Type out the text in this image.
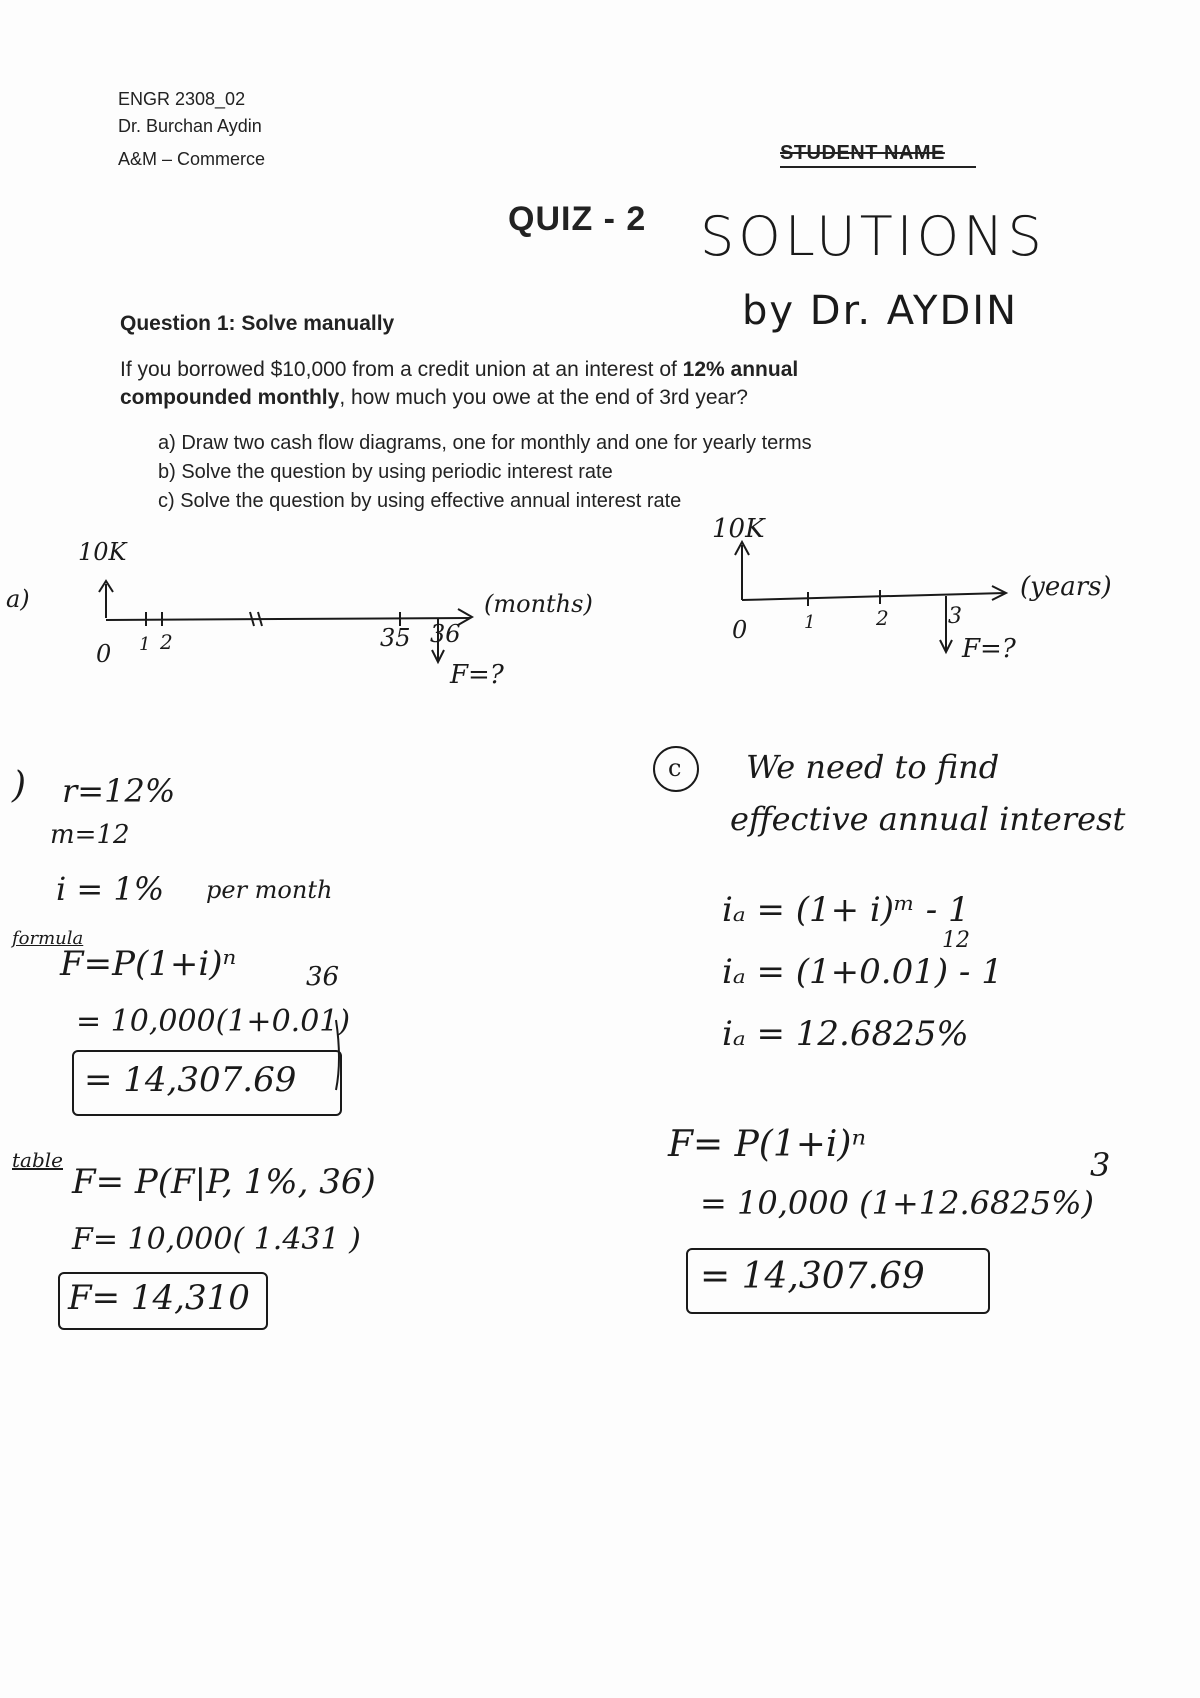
ENGR 2308_02
Dr. Burchan Aydin
A&M – Commerce	STUDENT NAME
QUIZ - 2 SOLUTIONS
by Dr. AYDIN
Question 1: Solve manually
If you borrowed $10,000 from a credit union at an interest of 12% annual
compounded monthly, how much you owe at the end of 3rd year?
a) Draw two cash flow diagrams, one for monthly and one for yearly terms
b) Solve the question by using periodic interest rate
c) Solve the question by using effective annual interest rate
a)
10K
0 1 2	35 36
(months)
F=?
10K
0	1	2	3
(years)
F=?
) r=12%
m=12
i = 1% per month
formula
F=P(1+i)ⁿ	36
= 10,000(1+0.01)
= 14,307.69
table
F= P(F|P, 1%, 36)
F= 10,000( 1.431 )
F= 14,310
c We need to find
effective annual interest
iₐ = (1+ i)ᵐ - 1
12
iₐ = (1+0.01) - 1
iₐ = 12.6825%
F= P(1+i)ⁿ
= 10,000 (1+12.6825%)
3
= 14,307.69
